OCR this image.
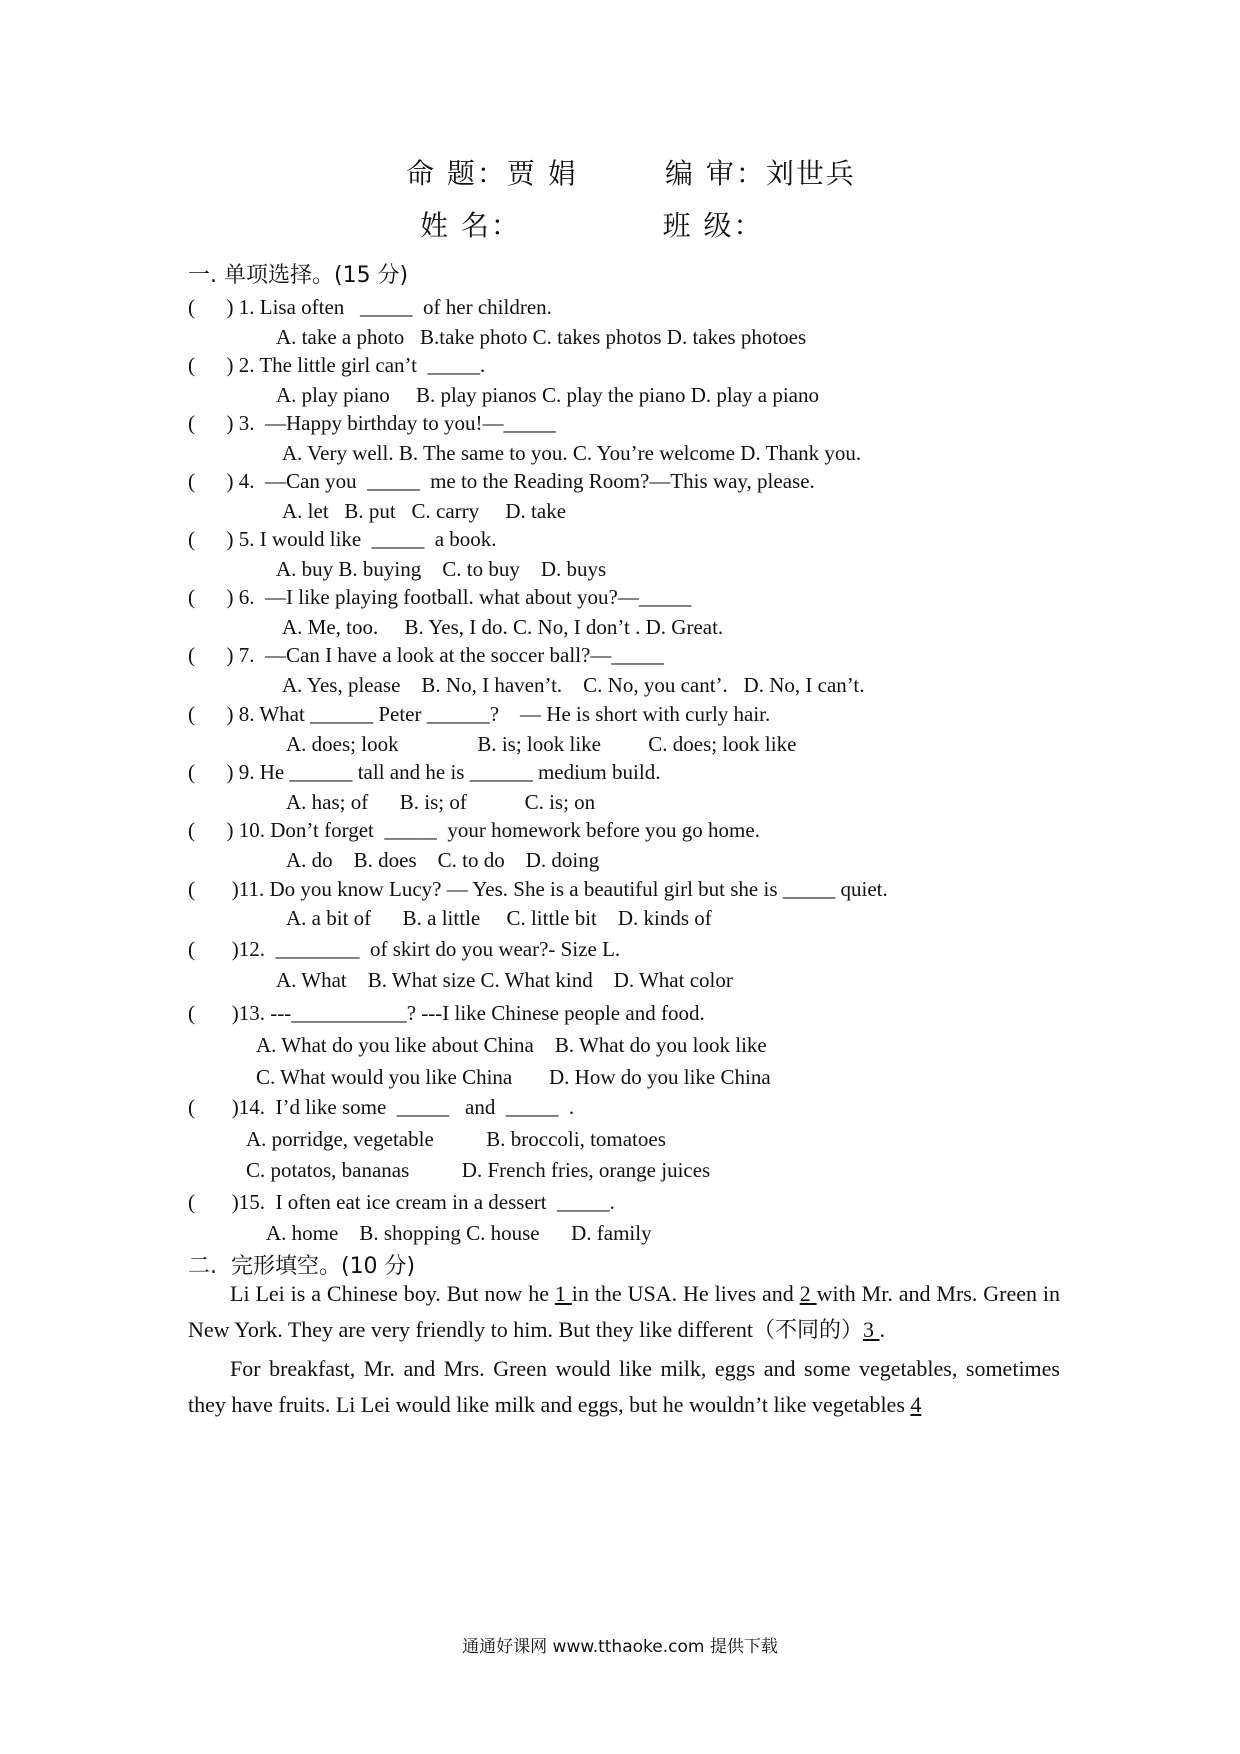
命 题：贾 娟        编 审：刘世兵
姓 名：             班 级：
一. 单项选择。(15 分)
(      ) 1. Lisa often   _____  of her children.
A. take a photo   B.take photo C. takes photos D. takes photoes
(      ) 2. The little girl can’t  _____.
A. play piano     B. play pianos C. play the piano D. play a piano
(      ) 3.  —Happy birthday to you!—_____
A. Very well. B. The same to you. C. You’re welcome D. Thank you.
(      ) 4.  —Can you  _____  me to the Reading Room?—This way, please.
A. let   B. put   C. carry     D. take
(      ) 5. I would like  _____  a book.
A. buy B. buying    C. to buy    D. buys
(      ) 6.  —I like playing football. what about you?—_____
A. Me, too.     B. Yes, I do. C. No, I don’t . D. Great.
(      ) 7.  —Can I have a look at the soccer ball?—_____
A. Yes, please    B. No, I haven’t.    C. No, you cant’.   D. No, I can’t.
(      ) 8. What ______ Peter ______?    — He is short with curly hair.
A. does; look               B. is; look like         C. does; look like
(      ) 9. He ______ tall and he is ______ medium build.
A. has; of      B. is; of           C. is; on
(      ) 10. Don’t forget  _____  your homework before you go home.
A. do    B. does    C. to do    D. doing
(       )11. Do you know Lucy? — Yes. She is a beautiful girl but she is _____ quiet.
A. a bit of      B. a little     C. little bit    D. kinds of
(       )12.  ________  of skirt do you wear?- Size L.
A. What    B. What size C. What kind    D. What color
(       )13. ---___________? ---I like Chinese people and food.
A. What do you like about China    B. What do you look like
C. What would you like China       D. How do you like China
(       )14.  I’d like some  _____   and  _____  .
A. porridge, vegetable          B. broccoli, tomatoes
C. potatos, bananas          D. French fries, orange juices
(       )15.  I often eat ice cream in a dessert  _____.
A. home    B. shopping C. house      D. family
二.  完形填空。(10 分)

Li Lei is a Chinese boy. But now he 1 in the USA. He lives and 2 with Mr. and Mrs. Green in New York. They are very friendly to him. But they like different（不同的）3 .

For breakfast, Mr. and Mrs. Green would like milk, eggs and some vegetables, sometimes they have fruits. Li Lei would like milk and eggs, but he wouldn’t like vegetables 4

通通好课网 www.tthaoke.com 提供下载
